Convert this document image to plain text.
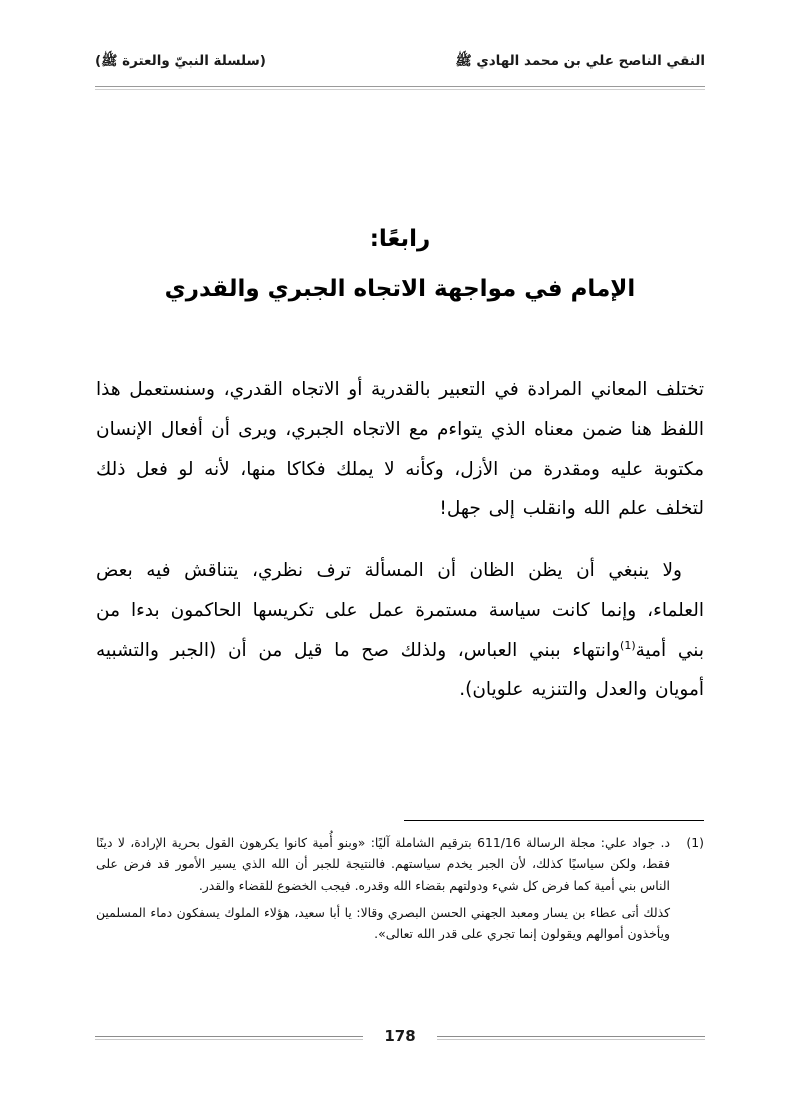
النقي الناصح علي بن محمد الهادي ﷺ
(سلسلة النبيّ والعترة ﷺ)
رابعًا:
الإمام في مواجهة الاتجاه الجبري والقدري

تختلف المعاني المرادة في التعبير بالقدرية أو الاتجاه القدري، وسنستعمل هذا اللفظ هنا ضمن معناه الذي يتواءم مع الاتجاه الجبري، ويرى أن أفعال الإنسان مكتوبة عليه ومقدرة من الأزل، وكأنه لا يملك فكاكا منها، لأنه لو فعل ذلك لتخلف علم الله وانقلب إلى جهل!

ولا ينبغي أن يظن الظان أن المسألة ترف نظري، يتناقش فيه بعض العلماء، وإنما كانت سياسة مستمرة عمل على تكريسها الحاكمون بدءا من بني أمية$^{(1)}$وانتهاء ببني العباس، ولذلك صح ما قيل من أن (الجبر والتشبيه أمويان والعدل والتنزيه علويان).

(1)
د. جواد علي: مجلة الرسالة 611/16 بترقيم الشاملة آليًا: «وبنو أُمية كانوا يكرهون القول بحرية الإرادة، لا دينًا فقط، ولكن سياسيًا كذلك، لأن الجبر يخدم سياستهم. فالنتيجة للجبر أن الله الذي يسير الأمور قد فرض على الناس بني أمية كما فرض كل شيء ودولتهم بقضاء الله وقدره. فيجب الخضوع للقضاء والقدر.
كذلك أتى عطاء بن يسار ومعبد الجهني الحسن البصري وقالا: يا أبا سعيد، هؤلاء الملوك يسفكون دماء المسلمين ويأخذون أموالهم ويقولون إنما تجري على قدر الله تعالى».
178
